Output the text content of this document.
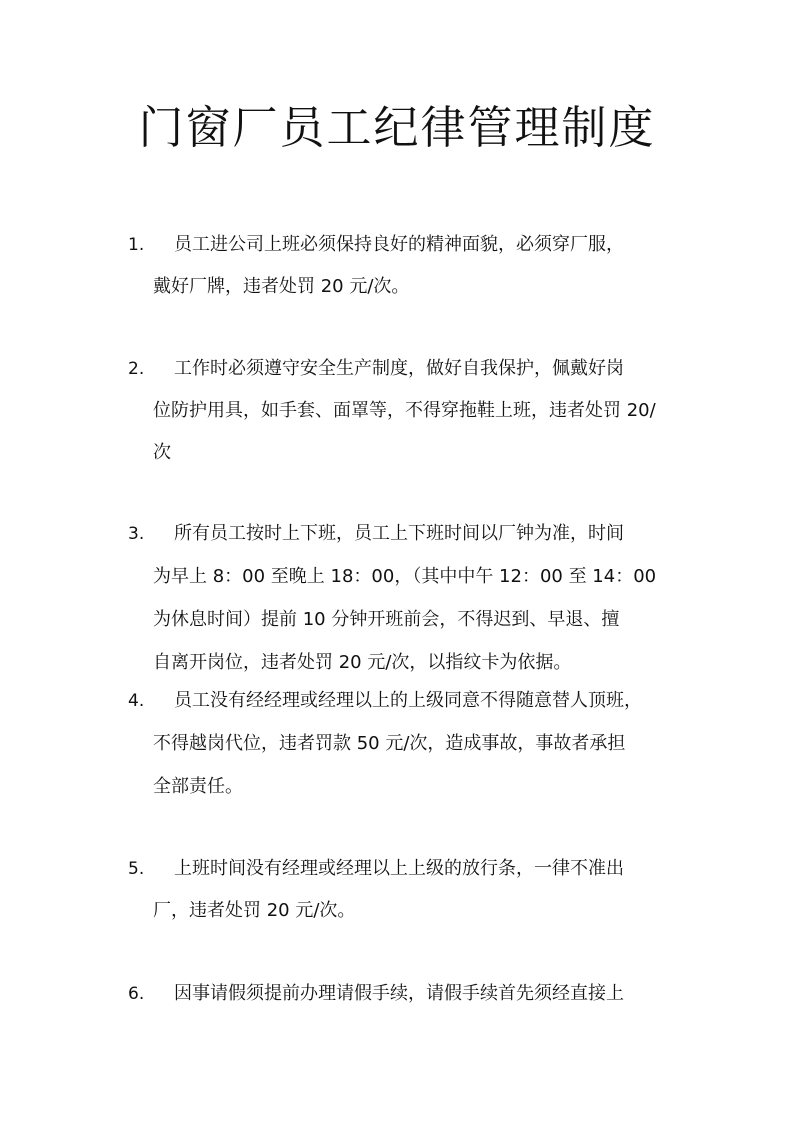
门窗厂员工纪律管理制度
1. 员工进公司上班必须保持良好的精神面貌，必须穿厂服，
戴好厂牌，违者处罚 20 元/次。
2. 工作时必须遵守安全生产制度，做好自我保护，佩戴好岗
位防护用具，如手套、面罩等，不得穿拖鞋上班，违者处罚 20/
次
3. 所有员工按时上下班，员工上下班时间以厂钟为准，时间
为早上 8：00 至晚上 18：00，（其中中午 12：00 至 14：00
为休息时间）提前 10 分钟开班前会，不得迟到、早退、擅
自离开岗位，违者处罚 20 元/次，以指纹卡为依据。
4. 员工没有经经理或经理以上的上级同意不得随意替人顶班，
不得越岗代位，违者罚款 50 元/次，造成事故，事故者承担
全部责任。
5. 上班时间没有经理或经理以上上级的放行条，一律不准出
厂，违者处罚 20 元/次。
6. 因事请假须提前办理请假手续，请假手续首先须经直接上
